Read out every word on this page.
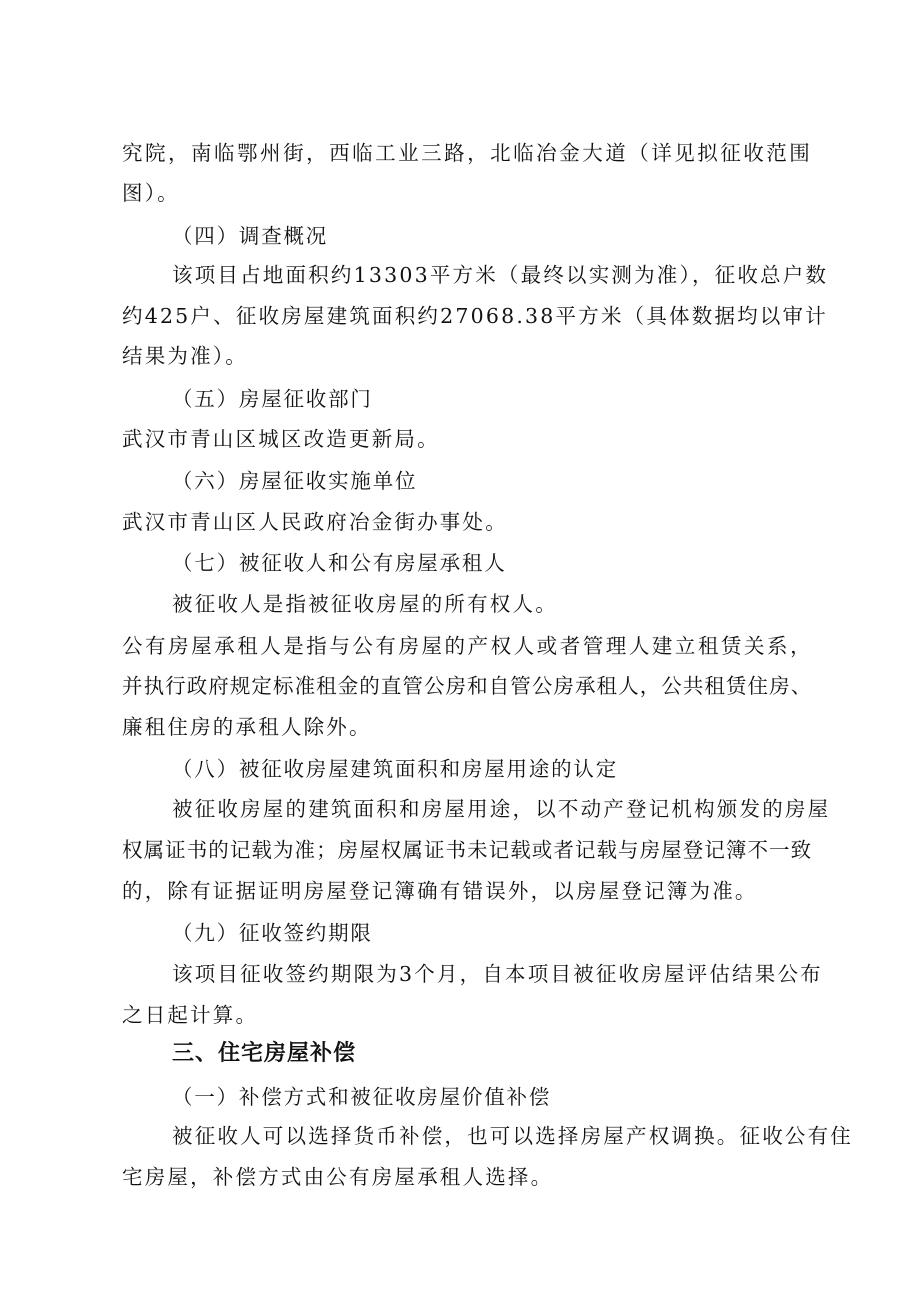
究院，南临鄂州街，西临工业三路，北临冶金大道（详见拟征收范围
图）。
（四）调查概况
该项目占地面积约13303平方米（最终以实测为准），征收总户数
约425户、征收房屋建筑面积约27068.38平方米（具体数据均以审计
结果为准）。
（五）房屋征收部门
武汉市青山区城区改造更新局。
（六）房屋征收实施单位
武汉市青山区人民政府冶金街办事处。
（七）被征收人和公有房屋承租人
被征收人是指被征收房屋的所有权人。
公有房屋承租人是指与公有房屋的产权人或者管理人建立租赁关系，
并执行政府规定标准租金的直管公房和自管公房承租人，公共租赁住房、
廉租住房的承租人除外。
（八）被征收房屋建筑面积和房屋用途的认定
被征收房屋的建筑面积和房屋用途，以不动产登记机构颁发的房屋
权属证书的记载为准；房屋权属证书未记载或者记载与房屋登记簿不一致
的，除有证据证明房屋登记簿确有错误外，以房屋登记簿为准。
（九）征收签约期限
该项目征收签约期限为3个月，自本项目被征收房屋评估结果公布
之日起计算。
三、住宅房屋补偿
（一）补偿方式和被征收房屋价值补偿
被征收人可以选择货币补偿，也可以选择房屋产权调换。征收公有住
宅房屋，补偿方式由公有房屋承租人选择。
